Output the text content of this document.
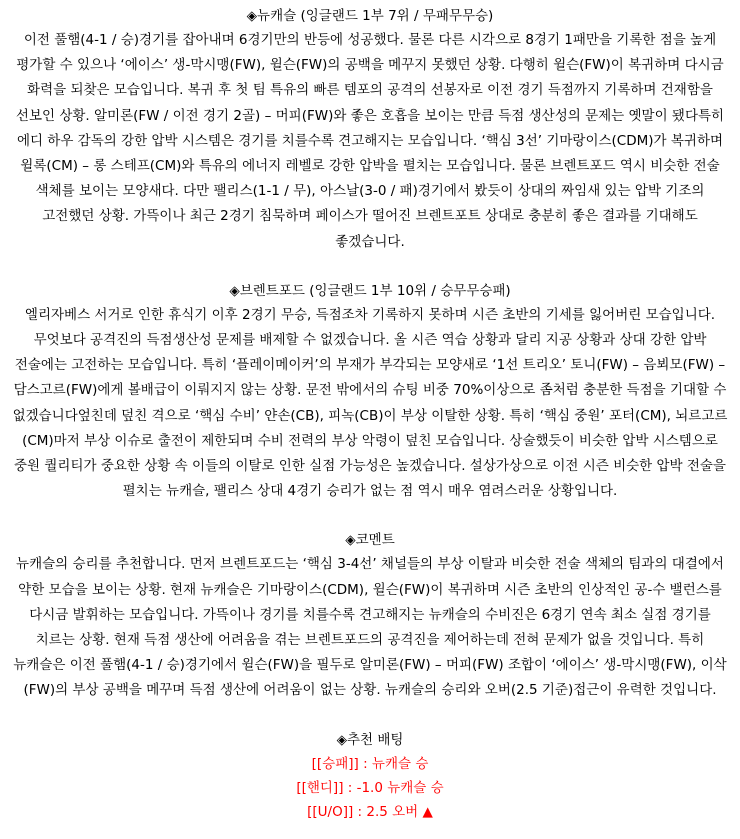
◈뉴캐슬 (잉글랜드 1부 7위 / 무패무무승)

이전 풀햄(4-1 / 승)경기를 잡아내며 6경기만의 반등에 성공했다. 물론 다른 시각으로 8경기 1패만을 기록한 점을 높게 평가할 수 있으나 ‘에이스’ 생-막시맹(FW), 윌슨(FW)의 공백을 메꾸지 못했던 상황. 다행히 윌슨(FW)이 복귀하며 다시금 화력을 되찾은 모습입니다. 복귀 후 첫 팀 특유의 빠른 템포의 공격의 선봉자로 이전 경기 득점까지 기록하며 건재함을 선보인 상황. 알미론(FW / 이전 경기 2골) – 머피(FW)와 좋은 호흡을 보이는 만큼 득점 생산성의 문제는 옛말이 됐다특히 에디 하우 감독의 강한 압박 시스템은 경기를 치를수록 견고해지는 모습입니다. ‘핵심 3선’ 기마랑이스(CDM)가 복귀하며 윌록(CM) – 롱 스테프(CM)와 특유의 에너지 레벨로 강한 압박을 펼치는 모습입니다. 물론 브렌트포드 역시 비슷한 전술 색체를 보이는 모양새다. 다만 팰리스(1-1 / 무), 아스날(3-0 / 패)경기에서 봤듯이 상대의 짜임새 있는 압박 기조의 고전했던 상황. 가뜩이나 최근 2경기 침묵하며 페이스가 떨어진 브렌트포트 상대로 충분히 좋은 결과를 기대해도 좋겠습니다.

◈브렌트포드 (잉글랜드 1부 10위 / 승무무승패)

엘리자베스 서거로 인한 휴식기 이후 2경기 무승, 득점조차 기록하지 못하며 시즌 초반의 기세를 잃어버린 모습입니다. 무엇보다 공격진의 득점생산성 문제를 배제할 수 없겠습니다. 올 시즌 역습 상황과 달리 지공 상황과 상대 강한 압박 전술에는 고전하는 모습입니다. 특히 ‘플레이메이커’의 부재가 부각되는 모양새로 ‘1선 트리오’ 토니(FW) – 음뵈모(FW) – 담스고르(FW)에게 볼배급이 이뤄지지 않는 상황. 문전 밖에서의 슈팅 비중 70%이상으로 좀처럼 충분한 득점을 기대할 수 없겠습니다엎친데 덮친 격으로 ‘핵심 수비’ 얀손(CB), 피녹(CB)이 부상 이탈한 상황. 특히 ‘핵심 중원’ 포터(CM), 뇌르고르(CM)마저 부상 이슈로 출전이 제한되며 수비 전력의 부상 악령이 덮친 모습입니다. 상술했듯이 비슷한 압박 시스템으로 중원 퀄리티가 중요한 상황 속 이들의 이탈로 인한 실점 가능성은 높겠습니다. 설상가상으로 이전 시즌 비슷한 압박 전술을 펼치는 뉴캐슬, 팰리스 상대 4경기 승리가 없는 점 역시 매우 염려스러운 상황입니다.

◈코멘트

뉴캐슬의 승리를 추천합니다. 먼저 브렌트포드는 ‘핵심 3-4선’ 채널들의 부상 이탈과 비슷한 전술 색체의 팀과의 대결에서 약한 모습을 보이는 상황. 현재 뉴캐슬은 기마랑이스(CDM), 윌슨(FW)이 복귀하며 시즌 초반의 인상적인 공-수 밸런스를 다시금 발휘하는 모습입니다. 가뜩이나 경기를 치를수록 견고해지는 뉴캐슬의 수비진은 6경기 연속 최소 실점 경기를 치르는 상황. 현재 득점 생산에 어려움을 겪는 브렌트포드의 공격진을 제어하는데 전혀 문제가 없을 것입니다. 특히 뉴캐슬은 이전 풀햄(4-1 / 승)경기에서 윌슨(FW)을 필두로 알미론(FW) – 머피(FW) 조합이 ‘에이스’ 생-막시맹(FW), 이삭(FW)의 부상 공백을 메꾸며 득점 생산에 어려움이 없는 상황. 뉴캐슬의 승리와 오버(2.5 기준)접근이 유력한 것입니다.

◈추천 배팅

[[승패]] : 뉴캐슬 승

[[핸디]] : -1.0 뉴캐슬 승

[[U/O]] : 2.5 오버 ▲
